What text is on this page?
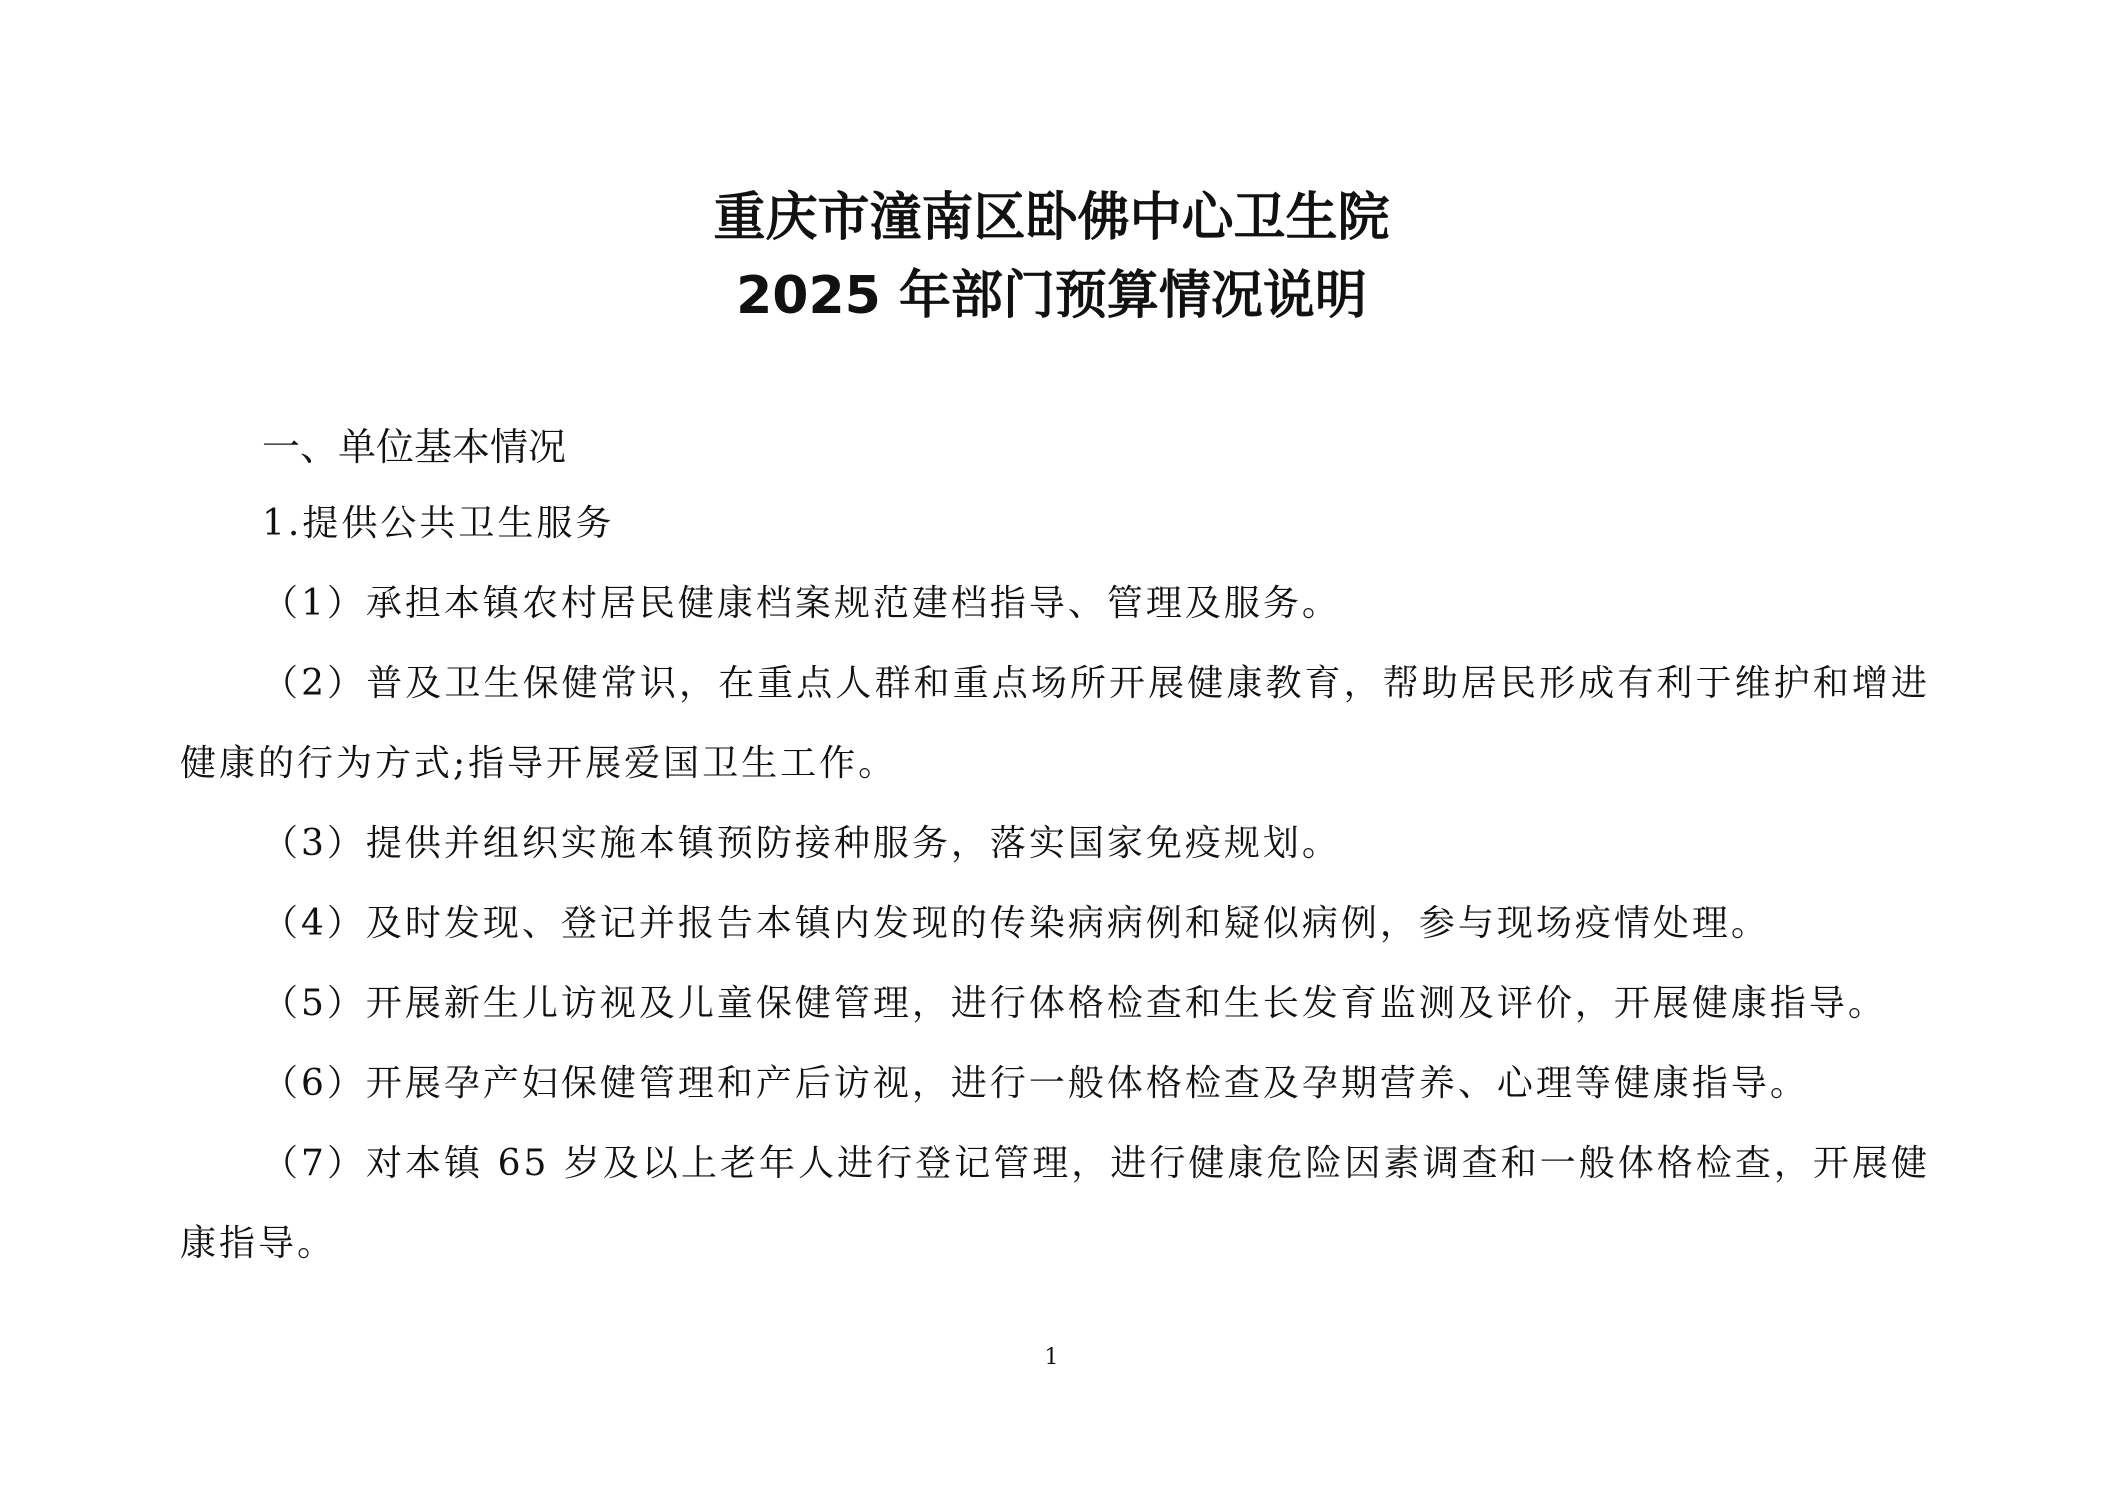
重庆市潼南区卧佛中心卫生院
2025 年部门预算情况说明
一、单位基本情况

1.提供公共卫生服务

（1）承担本镇农村居民健康档案规范建档指导、管理及服务。

（2）普及卫生保健常识，在重点人群和重点场所开展健康教育，帮助居民形成有利于维护和增进健康的行为方式;指导开展爱国卫生工作。

（3）提供并组织实施本镇预防接种服务，落实国家免疫规划。

（4）及时发现、登记并报告本镇内发现的传染病病例和疑似病例，参与现场疫情处理。

（5）开展新生儿访视及儿童保健管理，进行体格检查和生长发育监测及评价，开展健康指导。

（6）开展孕产妇保健管理和产后访视，进行一般体格检查及孕期营养、心理等健康指导。

（7）对本镇 65 岁及以上老年人进行登记管理，进行健康危险因素调查和一般体格检查，开展健康指导。

1
